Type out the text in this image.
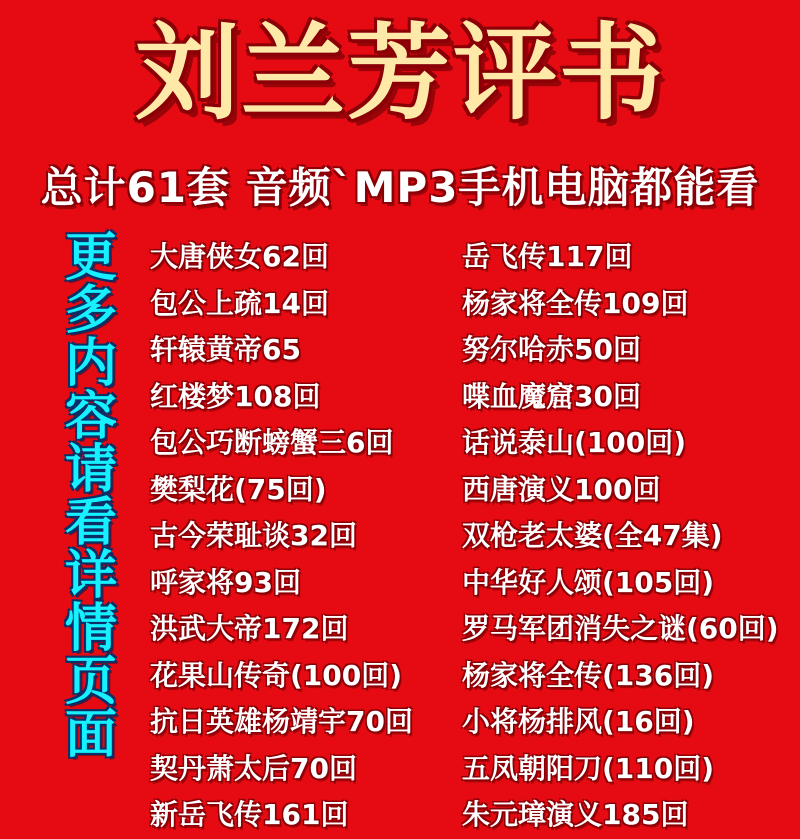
刘兰芳评书
总计61套 音频`MP3手机电脑都能看
更
多
内
容
请
看
详
情
页
面
大唐侠女62回
包公上疏14回
轩辕黄帝65
红楼梦108回
包公巧断螃蟹三6回
樊梨花(75回)
古今荣耻谈32回
呼家将93回
洪武大帝172回
花果山传奇(100回)
抗日英雄杨靖宇70回
契丹萧太后70回
新岳飞传161回
岳飞传117回
杨家将全传109回
努尔哈赤50回
喋血魔窟30回
话说泰山(100回)
西唐演义100回
双枪老太婆(全47集)
中华好人颂(105回)
罗马军团消失之谜(60回)
杨家将全传(136回)
小将杨排风(16回)
五凤朝阳刀(110回)
朱元璋演义185回
